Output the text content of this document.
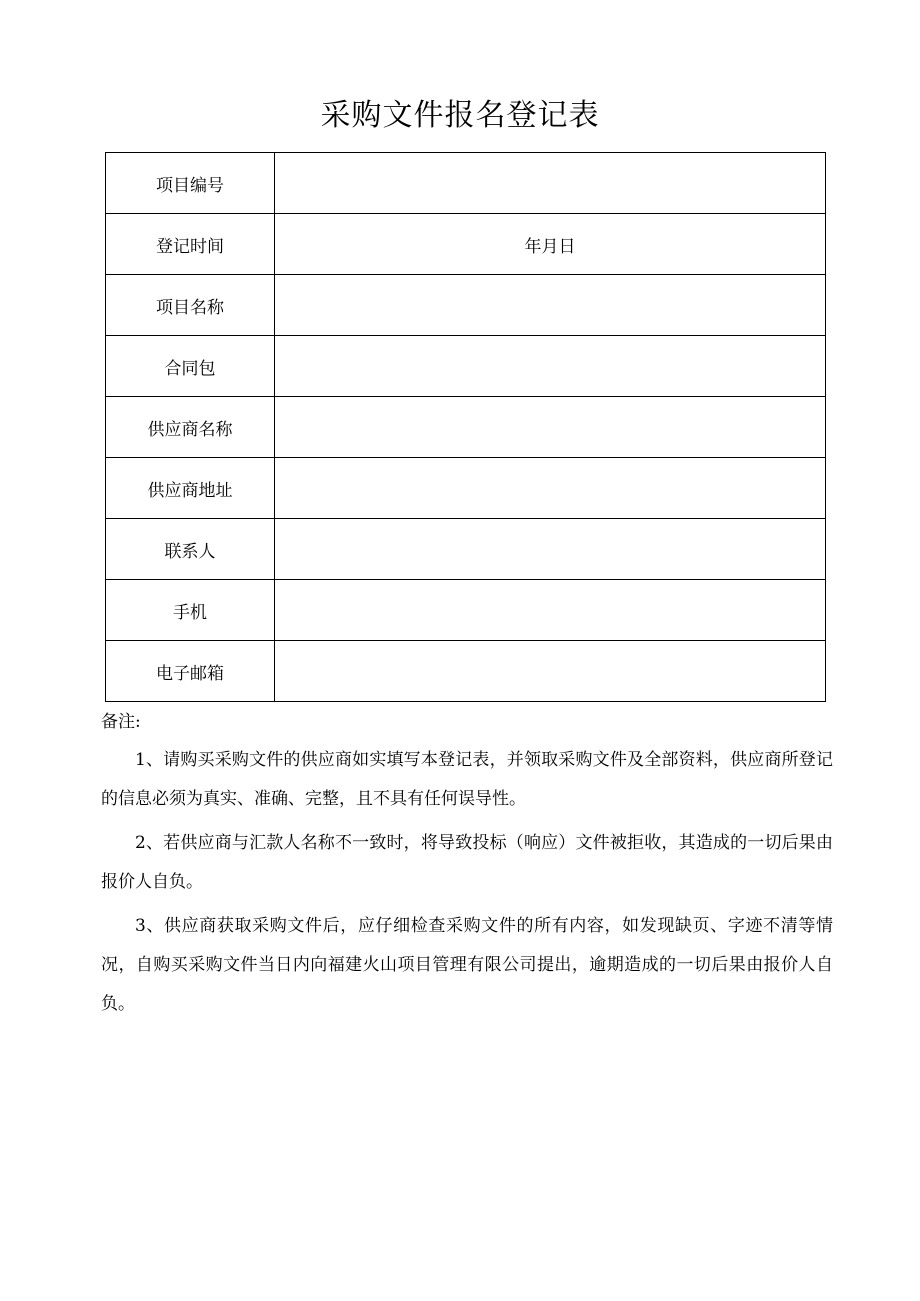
采购文件报名登记表
项目编号	
登记时间	年月日
项目名称	
合同包	
供应商名称	
供应商地址	
联系人	
手机	
电子邮箱	
备注:

1、请购买采购文件的供应商如实填写本登记表，并领取采购文件及全部资料，供应商所登记的信息必须为真实、准确、完整，且不具有任何误导性。

2、若供应商与汇款人名称不一致时，将导致投标（响应）文件被拒收，其造成的一切后果由报价人自负。

3、供应商获取采购文件后，应仔细检查采购文件的所有内容，如发现缺页、字迹不清等情况，自购买采购文件当日内向福建火山项目管理有限公司提出，逾期造成的一切后果由报价人自负。
